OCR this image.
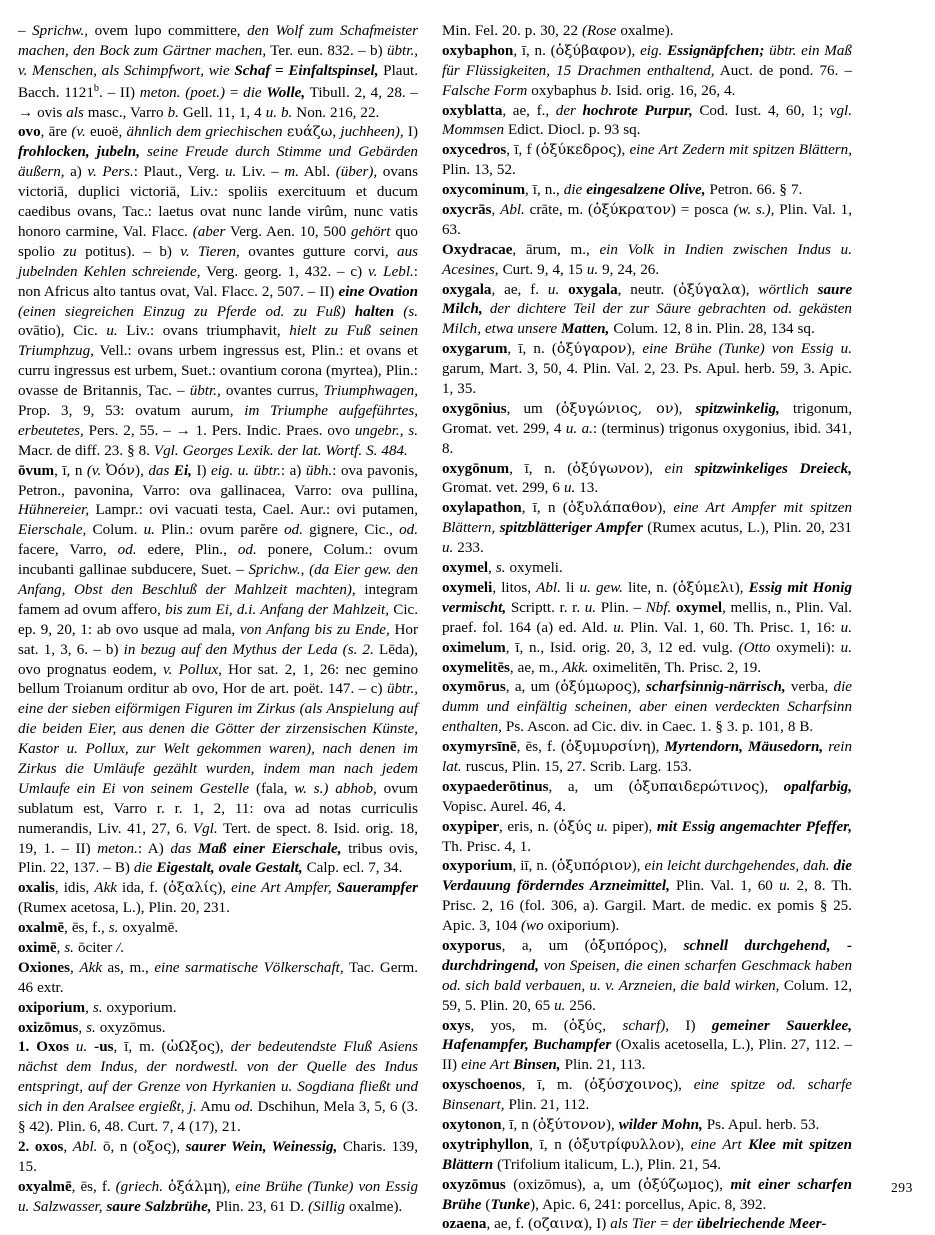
– Sprichw., ovem lupo committere, den Wolf zum Schafmeister machen, den Bock zum Gärtner machen, Ter. eun. 832. – b) übtr., v. Menschen, als Schimpfwort, wie Schaf = Einfaltspinsel, Plaut. Bacch. 1121$^b$. – II) meton. (poet.) = die Wolle, Tibull. 2, 4, 28. – → ovis als masc., Varro b. Gell. 11, 1, 4 u. b. Non. 216, 22.

ovo, āre (v. euoë, ähnlich dem griechischen ευάζω, juchheen), I) frohlocken, jubeln, seine Freude durch Stimme und Gebärden äußern, a) v. Pers.: Plaut., Verg. u. Liv. – m. Abl. (über), ovans victoriā, duplici victoriā, Liv.: spoliis exercituum et ducum caedibus ovans, Tac.: laetus ovat nunc lande virûm, nunc vatis honoro carmine, Val. Flacc. (aber Verg. Aen. 10, 500 gehört quo spolio zu potitus). – b) v. Tieren, ovantes gutture corvi, aus jubelnden Kehlen schreiende, Verg. georg. 1, 432. – c) v. Lebl.: non Africus alto tantus ovat, Val. Flacc. 2, 507. – II) eine Ovation (einen siegreichen Einzug zu Pferde od. zu Fuß) halten (s. ovātio), Cic. u. Liv.: ovans triumphavit, hielt zu Fuß seinen Triumphzug, Vell.: ovans urbem ingressus est, Plin.: et ovans et curru ingressus est urbem, Suet.: ovantium corona (myrtea), Plin.: ovasse de Britannis, Tac. – übtr., ovantes currus, Triumphwagen, Prop. 3, 9, 53: ovatum aurum, im Triumphe aufgeführtes, erbeutetes, Pers. 2, 55. – → 1. Pers. Indic. Praes. ovo ungebr., s. Macr. de diff. 23. § 8. Vgl. Georges Lexik. der lat. Wortf. S. 484.

ōvum, ī, n (v. Ὀόν), das Ei, I) eig. u. übtr.: a) übh.: ova pavonis, Petron., pavonina, Varro: ova gallinacea, Varro: ova pullina, Hühnereier, Lampr.: ovi vacuati testa, Cael. Aur.: ovi putamen, Eierschale, Colum. u. Plin.: ovum parĕre od. gignere, Cic., od. facere, Varro, od. edere, Plin., od. ponere, Colum.: ovum incubanti gallinae subducere, Suet. – Sprichw., (da Eier gew. den Anfang, Obst den Beschluß der Mahlzeit machten), integram famem ad ovum affero, bis zum Ei, d.i. Anfang der Mahlzeit, Cic. ep. 9, 20, 1: ab ovo usque ad mala, von Anfang bis zu Ende, Hor sat. 1, 3, 6. – b) in bezug auf den Mythus der Leda (s. 2. Lēda), ovo prognatus eodem, v. Pollux, Hor sat. 2, 1, 26: nec gemino bellum Troianum orditur ab ovo, Hor de art. poët. 147. – c) übtr., eine der sieben eiförmigen Figuren im Zirkus (als Anspielung auf die beiden Eier, aus denen die Götter der zirzensischen Künste, Kastor u. Pollux, zur Welt gekommen waren), nach denen im Zirkus die Umläufe gezählt wurden, indem man nach jedem Umlaufe ein Ei von seinem Gestelle (fala, w. s.) abhob, ovum sublatum est, Varro r. r. 1, 2, 11: ova ad notas curriculis numerandis, Liv. 41, 27, 6. Vgl. Tert. de spect. 8. Isid. orig. 18, 19, 1. – II) meton.: A) das Maß einer Eierschale, tribus ovis, Plin. 22, 137. – B) die Eigestalt, ovale Gestalt, Calp. ecl. 7, 34.

oxalis, idis, Akk ida, f. (ὁξαλίς), eine Art Ampfer, Sauerampfer (Rumex acetosa, L.), Plin. 20, 231.

oxalmē, ēs, f., s. oxyalmē.

oximē, s. ōciter /.

Oxiones, Akk as, m., eine sarmatische Völkerschaft, Tac. Germ. 46 extr.

oxiporium, s. oxyporium.

oxizōmus, s. oxyzōmus.

1. Oxos u. -us, ī, m. (ὡΩξος), der bedeutendste Fluß Asiens nächst dem Indus, der nordwestl. von der Quelle des Indus entspringt, auf der Grenze von Hyrkanien u. Sogdiana fließt und sich in den Aralsee ergießt, j. Amu od. Dschihun, Mela 3, 5, 6 (3. § 42). Plin. 6, 48. Curt. 7, 4 (17), 21.

2. oxos, Abl. ō, n (οξος), saurer Wein, Weinessig, Charis. 139, 15.

oxyalmē, ēs, f. (griech. ὁξάλμη), eine Brühe (Tunke) von Essig u. Salzwasser, saure Salzbrühe, Plin. 23, 61 D. (Sillig oxalme).

Min. Fel. 20. p. 30, 22 (Rose oxalme).

oxybaphon, ī, n. (ὁξύβαφον), eig. Essignäpfchen; übtr. ein Maß für Flüssigkeiten, 15 Drachmen enthaltend, Auct. de pond. 76. – Falsche Form oxybaphus b. Isid. orig. 16, 26, 4.

oxyblatta, ae, f., der hochrote Purpur, Cod. Iust. 4, 60, 1; vgl. Mommsen Edict. Diocl. p. 93 sq.

oxycedros, ī, f (ὁξύκεδρος), eine Art Zedern mit spitzen Blättern, Plin. 13, 52.

oxycominum, ī, n., die eingesalzene Olive, Petron. 66. § 7.

oxycrās, Abl. crāte, m. (ὁξύκρατον) = posca (w. s.), Plin. Val. 1, 63.

Oxydracae, ārum, m., ein Volk in Indien zwischen Indus u. Acesines, Curt. 9, 4, 15 u. 9, 24, 26.

oxygala, ae, f. u. oxygala, neutr. (ὁξύγαλα), wörtlich saure Milch, der dichtere Teil der zur Säure gebrachten od. gekästen Milch, etwa unsere Matten, Colum. 12, 8 in. Plin. 28, 134 sq.

oxygarum, ī, n. (ὁξύγαρον), eine Brühe (Tunke) von Essig u. garum, Mart. 3, 50, 4. Plin. Val. 2, 23. Ps. Apul. herb. 59, 3. Apic. 1, 35.

oxygōnius, um (ὁξυγώνιος, ον), spitzwinkelig, trigonum, Gromat. vet. 299, 4 u. a.: (terminus) trigonus oxygonius, ibid. 341, 8.

oxygōnum, ī, n. (ὁξύγωνον), ein spitzwinkeliges Dreieck, Gromat. vet. 299, 6 u. 13.

oxylapathon, ī, n (ὁξυλάπαθον), eine Art Ampfer mit spitzen Blättern, spitzblätteriger Ampfer (Rumex acutus, L.), Plin. 20, 231 u. 233.

oxymel, s. oxymeli.

oxymeli, litos, Abl. li u. gew. lite, n. (ὁξύμελι), Essig mit Honig vermischt, Scriptt. r. r. u. Plin. – Nbf. oxymel, mellis, n., Plin. Val. praef. fol. 164 (a) ed. Ald. u. Plin. Val. 1, 60. Th. Prisc. 1, 16: u. oximelum, ī, n., Isid. orig. 20, 3, 12 ed. vulg. (Otto oxymeli): u. oxymelitēs, ae, m., Akk. oximelitēn, Th. Prisc. 2, 19.

oxymōrus, a, um (ὁξύμωρος), scharfsinnig-närrisch, verba, die dumm und einfältig scheinen, aber einen verdeckten Scharfsinn enthalten, Ps. Ascon. ad Cic. div. in Caec. 1. § 3. p. 101, 8 B.

oxymyrsīnē, ēs, f. (ὁξυμυρσίνη), Myrtendorn, Mäusedorn, rein lat. ruscus, Plin. 15, 27. Scrib. Larg. 153.

oxypaederōtinus, a, um (ὁξυπαιδερώτινος), opalfarbig, Vopisc. Aurel. 46, 4.

oxypiper, eris, n. (ὁξύς u. piper), mit Essig angemachter Pfeffer, Th. Prisc. 4, 1.

oxyporium, iī, n. (ὁξυπόριον), ein leicht durchgehendes, dah. die Verdauung förderndes Arzneimittel, Plin. Val. 1, 60 u. 2, 8. Th. Prisc. 2, 16 (fol. 306, a). Gargil. Mart. de medic. ex pomis § 25. Apic. 3, 104 (wo oxiporium).

oxyporus, a, um (ὁξυπόρος), schnell durchgehend, -durchdringend, von Speisen, die einen scharfen Geschmack haben od. sich bald verbauen, u. v. Arzneien, die bald wirken, Colum. 12, 59, 5. Plin. 20, 65 u. 256.

oxys, yos, m. (ὁξύς, scharf), I) gemeiner Sauerklee, Hafenampfer, Buchampfer (Oxalis acetosella, L.), Plin. 27, 112. – II) eine Art Binsen, Plin. 21, 113.

oxyschoenos, ī, m. (ὁξύσχοινος), eine spitze od. scharfe Binsenart, Plin. 21, 112.

oxytonon, ī, n (ὁξύτονον), wilder Mohn, Ps. Apul. herb. 53.

oxytriphyllon, ī, n (ὁξυτρίφυλλον), eine Art Klee mit spitzen Blättern (Trifolium italicum, L.), Plin. 21, 54.

oxyzōmus (oxizōmus), a, um (ὁξύζωμος), mit einer scharfen Brühe (Tunke), Apic. 6, 241: porcellus, Apic. 8, 392.

ozaena, ae, f. (οζαινα), I) als Tier = der übelriechende Meer-

293
